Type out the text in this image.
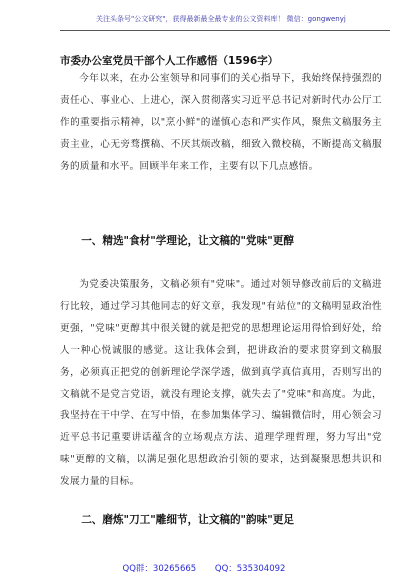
关注头条号"公文研究"，获得最新最全最专业的公文资料库！ 微信：gongwenyj
市委办公室党员干部个人工作感悟（1596字）

今年以来，在办公室领导和同事们的关心指导下，我始终保持强烈的责任心、事业心、上进心，深入贯彻落实习近平总书记对新时代办公厅工作的重要指示精神，以"烹小鲜"的谨慎心态和严实作风，聚焦文稿服务主责主业，心无旁骛撰稿、不厌其烦改稿，细致入微校稿，不断提高文稿服务的质量和水平。回顾半年来工作，主要有以下几点感悟。

一、精选"食材"学理论，让文稿的"党味"更醇

为党委决策服务，文稿必须有"党味"。通过对领导修改前后的文稿进行比较，通过学习其他同志的好文章，我发现"有站位"的文稿明显政治性更强，"党味"更醇其中很关键的就是把党的思想理论运用得恰到好处，给人一种心悦诚服的感觉。这让我体会到，把讲政治的要求贯穿到文稿服务，必须真正把党的创新理论学深学透，做到真学真信真用，否则写出的文稿就不是党言党语，就没有理论支撑，就失去了"党味"和高度。为此，我坚持在干中学、在写中悟，在参加集体学习、编辑微信时，用心领会习近平总书记重要讲话蕴含的立场观点方法、道理学理哲理，努力写出"党味"更醇的文稿，以满足强化思想政治引领的要求，达到凝聚思想共识和发展力量的目标。

二、磨炼"刀工"雕细节，让文稿的"韵味"更足
QQ群：30265665 QQ：535304092
